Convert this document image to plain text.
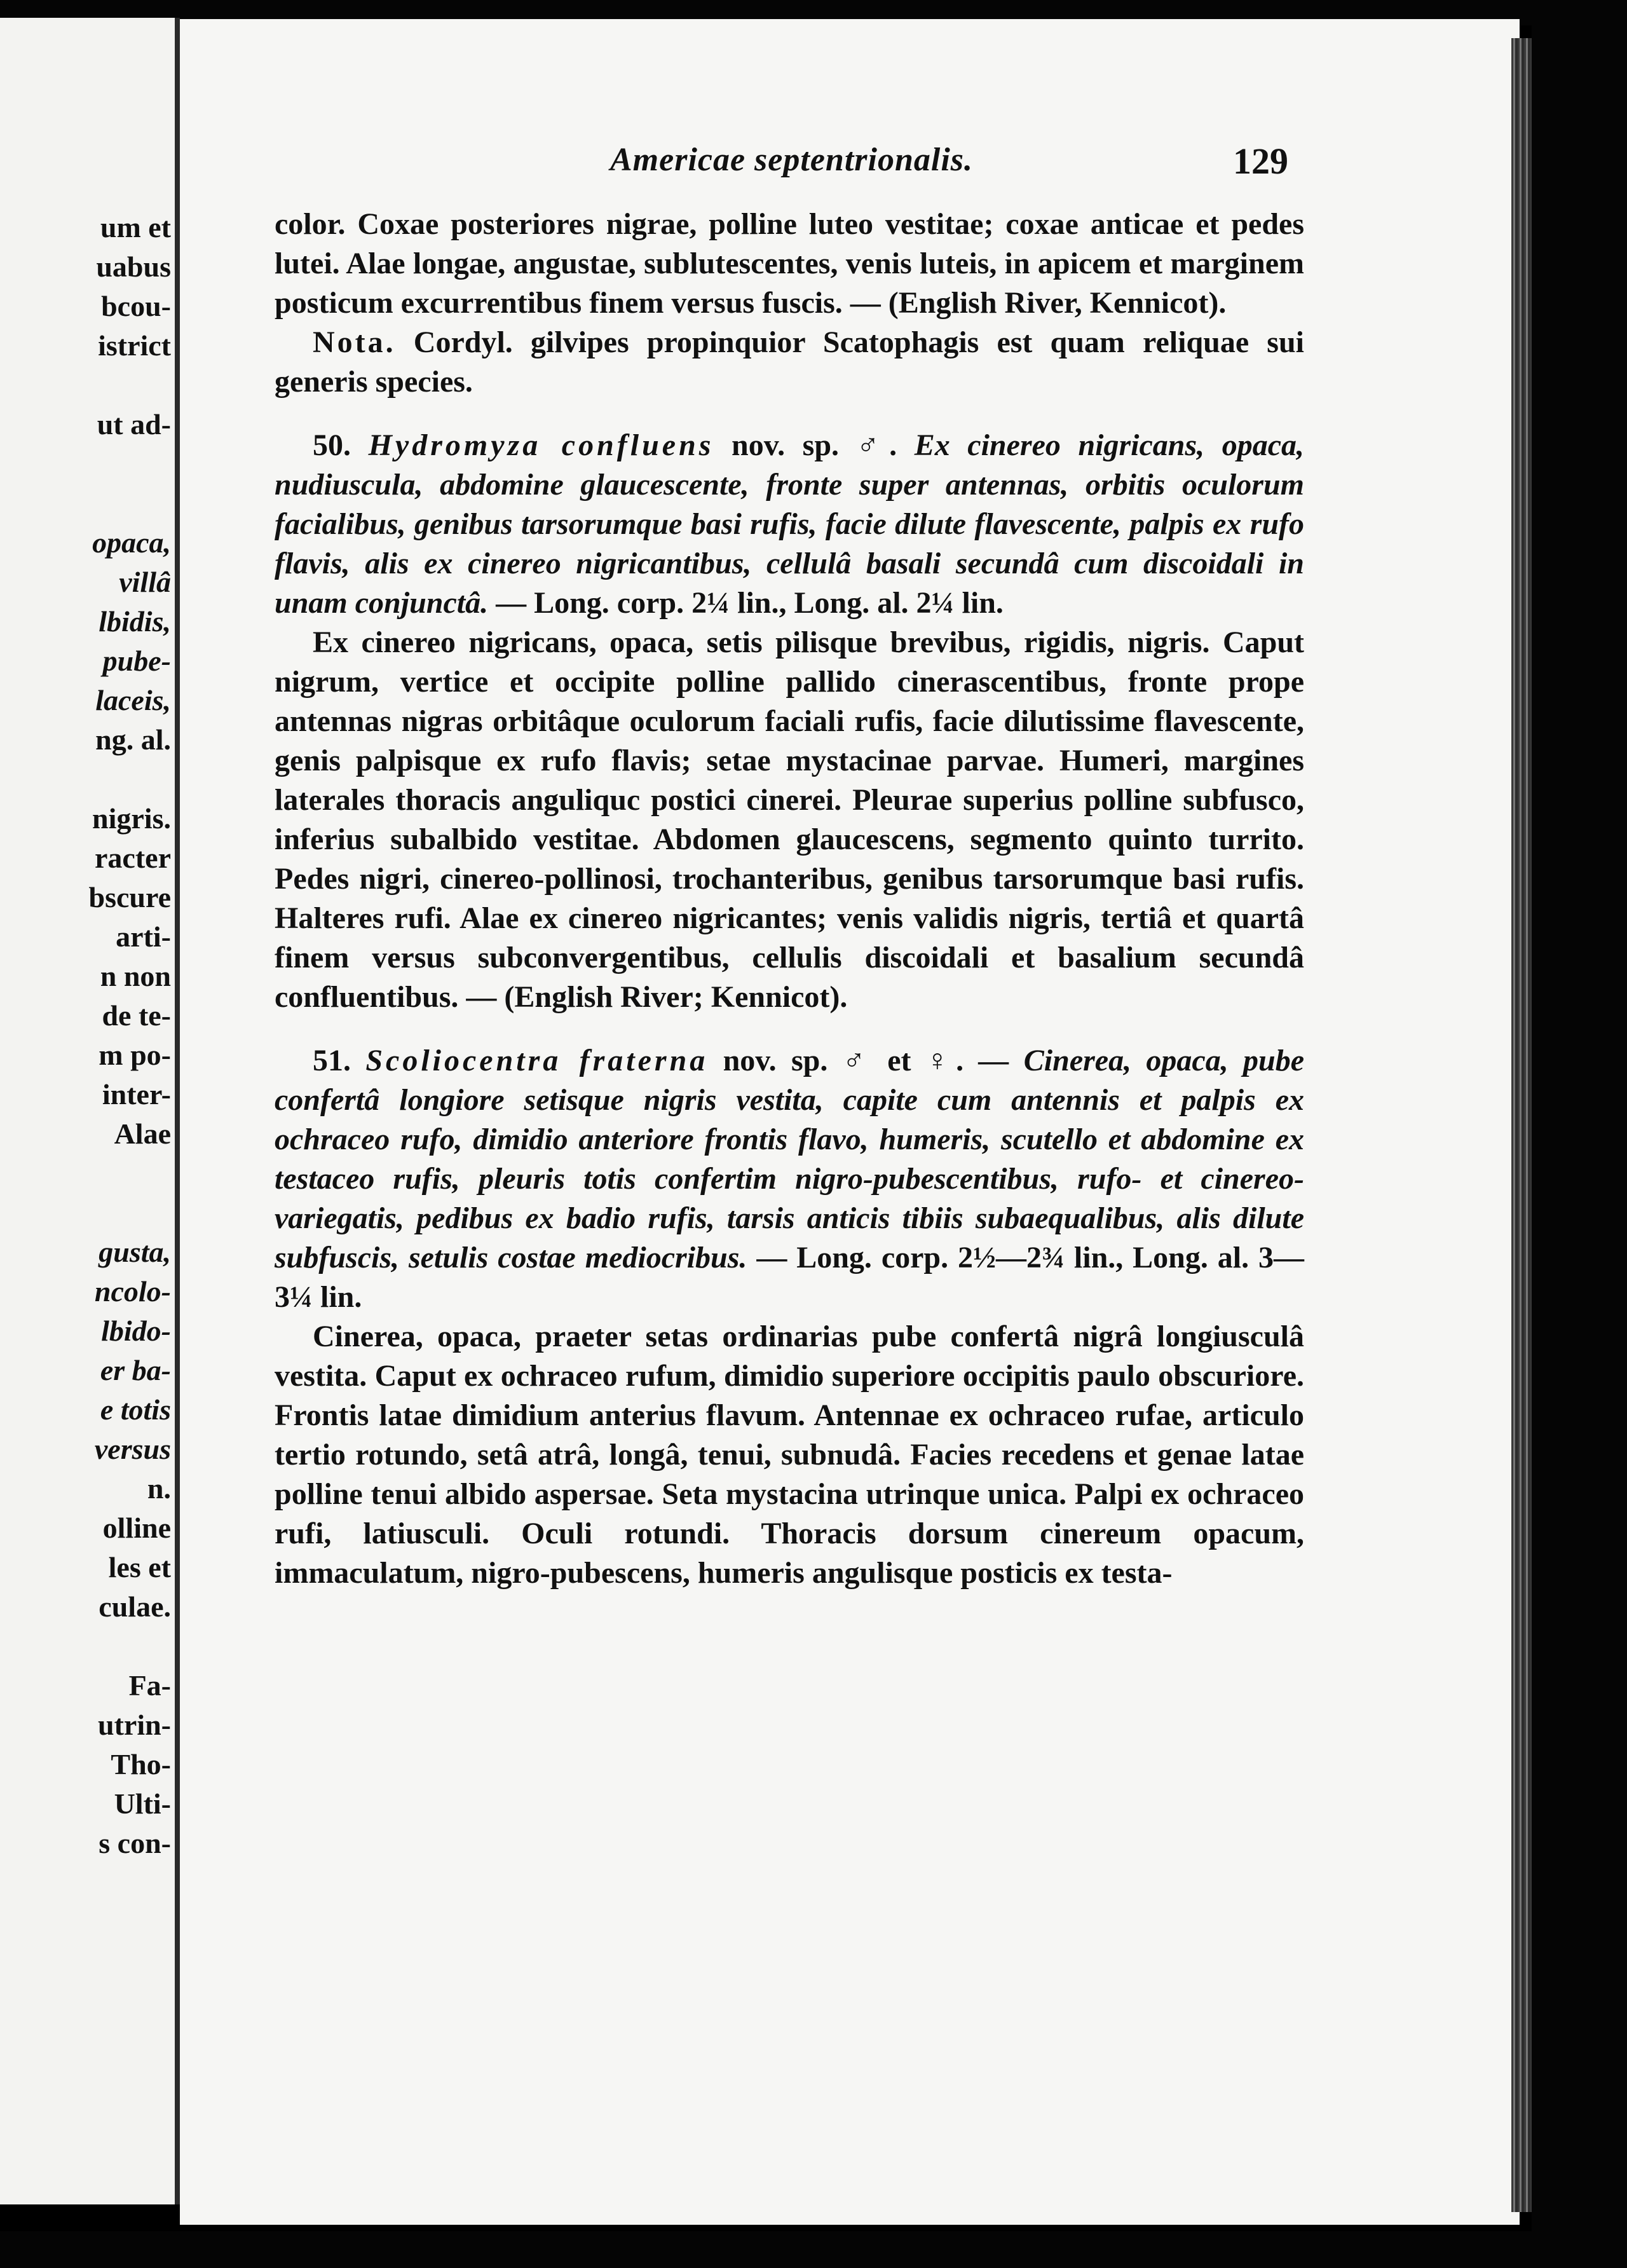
um et
uabus
bcou-
istrict
ut ad-
opaca,
villâ
lbidis,
pube-
laceis,
ng. al.
nigris.
racter
bscure
arti-
n non
de te-
m po-
inter-
Alae
gusta,
ncolo-
lbido-
er ba-
e totis
versus
n.
olline
les et
culae.
Fa-
utrin-
Tho-
Ulti-
s con-
Americae septentrionalis.	129

color. Coxae posteriores nigrae, polline luteo vestitae; coxae anticae et pedes lutei. Alae longae, angustae, sublutescentes, venis luteis, in apicem et marginem posticum excurrentibus finem versus fuscis. — (English River, Kennicot).

Nota. Cordyl. gilvipes propinquior Scatophagis est quam reliquae sui generis species.

50. Hydromyza confluens nov. sp. ♂. Ex cinereo nigricans, opaca, nudiuscula, abdomine glaucescente, fronte super antennas, orbitis oculorum facialibus, genibus tarsorumque basi rufis, facie dilute flavescente, palpis ex rufo flavis, alis ex cinereo nigricantibus, cellulâ basali secundâ cum discoidali in unam conjunctâ. — Long. corp. 2¼ lin., Long. al. 2¼ lin.

Ex cinereo nigricans, opaca, setis pilisque brevibus, rigidis, nigris. Caput nigrum, vertice et occipite polline pallido cinerascentibus, fronte prope antennas nigras orbitâque oculorum faciali rufis, facie dilutissime flavescente, genis palpisque ex rufo flavis; setae mystacinae parvae. Humeri, margines laterales thoracis anguliquc postici cinerei. Pleurae superius polline subfusco, inferius subalbido vestitae. Abdomen glaucescens, segmento quinto turrito. Pedes nigri, cinereo-pollinosi, trochanteribus, genibus tarsorumque basi rufis. Halteres rufi. Alae ex cinereo nigricantes; venis validis nigris, tertiâ et quartâ finem versus subconvergentibus, cellulis discoidali et basalium secundâ confluentibus. — (English River; Kennicot).

51. Scoliocentra fraterna nov. sp. ♂ et ♀. — Cinerea, opaca, pube confertâ longiore setisque nigris vestita, capite cum antennis et palpis ex ochraceo rufo, dimidio anteriore frontis flavo, humeris, scutello et abdomine ex testaceo rufis, pleuris totis confertim nigro-pubescentibus, rufo- et cinereo-variegatis, pedibus ex badio rufis, tarsis anticis tibiis subaequalibus, alis dilute subfuscis, setulis costae mediocribus. — Long. corp. 2½—2¾ lin., Long. al. 3—3¼ lin.

Cinerea, opaca, praeter setas ordinarias pube confertâ nigrâ longiusculâ vestita. Caput ex ochraceo rufum, dimidio superiore occipitis paulo obscuriore. Frontis latae dimidium anterius flavum. Antennae ex ochraceo rufae, articulo tertio rotundo, setâ atrâ, longâ, tenui, subnudâ. Facies recedens et genae latae polline tenui albido aspersae. Seta mystacina utrinque unica. Palpi ex ochraceo rufi, latiusculi. Oculi rotundi. Thoracis dorsum cinereum opacum, immaculatum, nigro-pubescens, humeris angulisque posticis ex testa-
